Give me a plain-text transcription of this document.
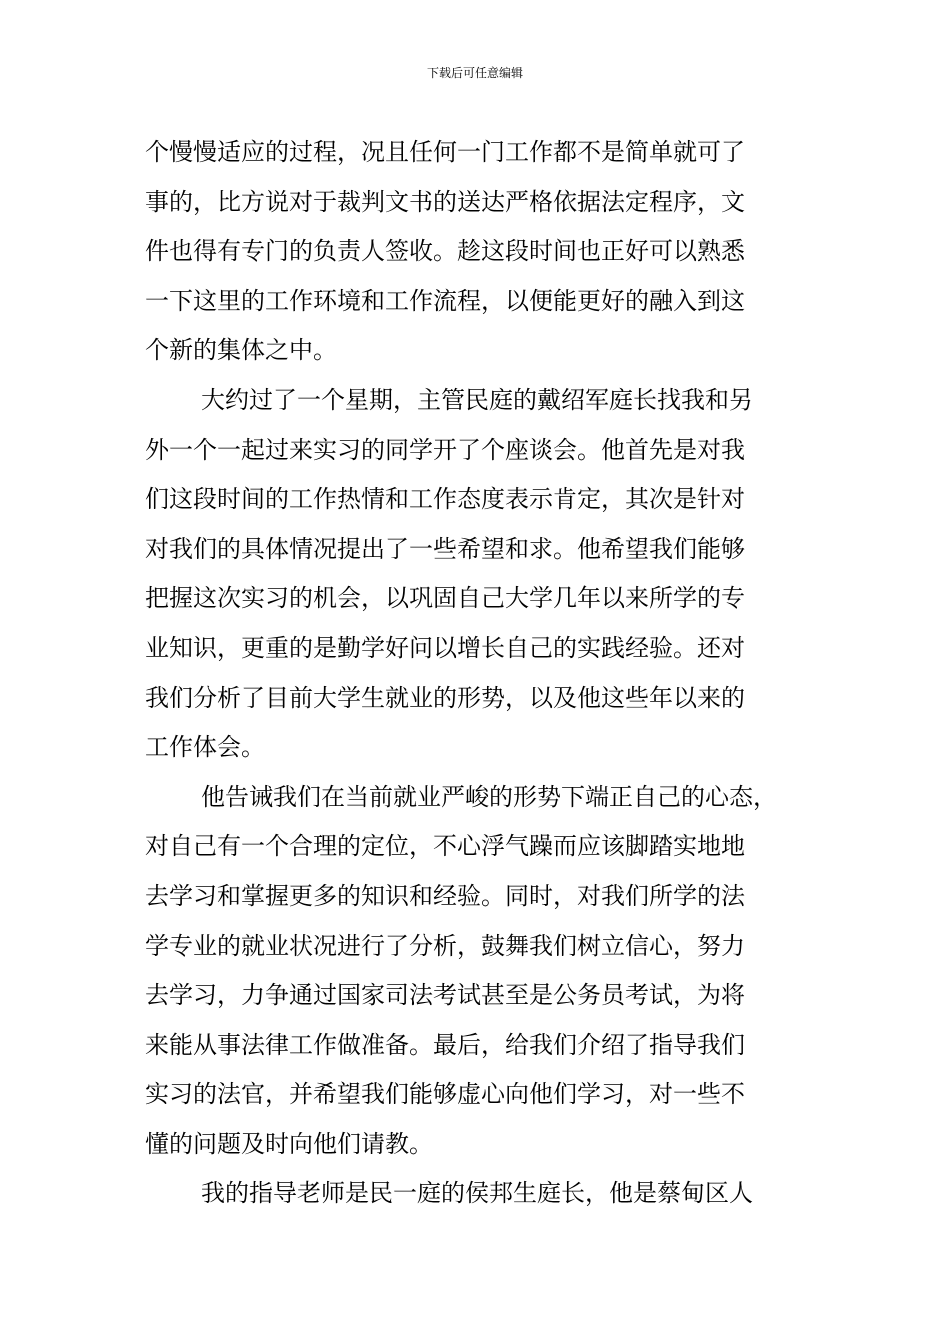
下载后可任意编辑
个慢慢适应的过程，况且任何一门工作都不是简单就可了
事的，比方说对于裁判文书的送达严格依据法定程序，文
件也得有专门的负责人签收。趁这段时间也正好可以熟悉
一下这里的工作环境和工作流程，以便能更好的融入到这
个新的集体之中。
大约过了一个星期，主管民庭的戴绍军庭长找我和另
外一个一起过来实习的同学开了个座谈会。他首先是对我
们这段时间的工作热情和工作态度表示肯定，其次是针对
对我们的具体情况提出了一些希望和求。他希望我们能够
把握这次实习的机会，以巩固自己大学几年以来所学的专
业知识，更重的是勤学好问以增长自己的实践经验。还对
我们分析了目前大学生就业的形势，以及他这些年以来的
工作体会。
他告诫我们在当前就业严峻的形势下端正自己的心态，
对自己有一个合理的定位，不心浮气躁而应该脚踏实地地
去学习和掌握更多的知识和经验。同时，对我们所学的法
学专业的就业状况进行了分析，鼓舞我们树立信心，努力
去学习，力争通过国家司法考试甚至是公务员考试，为将
来能从事法律工作做准备。最后，给我们介绍了指导我们
实习的法官，并希望我们能够虚心向他们学习，对一些不
懂的问题及时向他们请教。
我的指导老师是民一庭的侯邦生庭长，他是蔡甸区人
